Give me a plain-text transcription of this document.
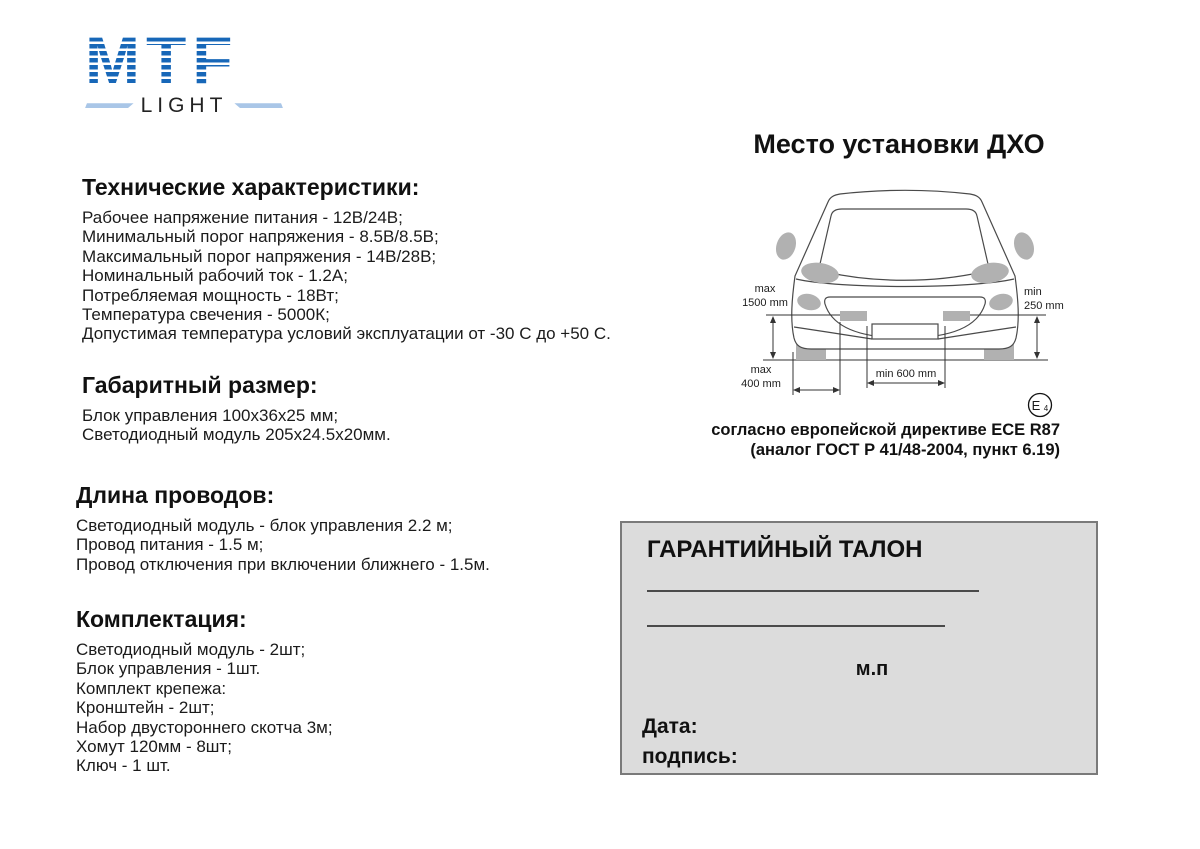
MTF
LIGHT
Технические характеристики:
Рабочее напряжение питания - 12В/24В;
Минимальный порог напряжения - 8.5В/8.5В;
Максимальный порог напряжения - 14В/28В;
Номинальный рабочий ток - 1.2А;
Потребляемая мощность - 18Вт;
Температура свечения - 5000К;
Допустимая температура условий эксплуатации от -30 С до +50 С.
Габаритный размер:
Блок управления 100х36х25 мм;
Светодиодный модуль 205х24.5х20мм.
Длина проводов:
Светодиодный модуль - блок управления 2.2 м;
Провод питания - 1.5 м;
Провод отключения при включении ближнего - 1.5м.
Комплектация:
Светодиодный модуль - 2шт;
Блок управления - 1шт.
Комплект крепежа:
Кронштейн - 2шт;
Набор двустороннего скотча 3м;
Хомут 120мм - 8шт;
Ключ - 1 шт.
Место установки ДХО
max
1500 mm
min
250 mm
max
400 mm
min 600 mm
E 4
согласно европейской директиве ECE R87
(аналог ГОСТ Р 41/48-2004, пункт 6.19)
ГАРАНТИЙНЫЙ ТАЛОН
м.п
Дата:
подпись:
